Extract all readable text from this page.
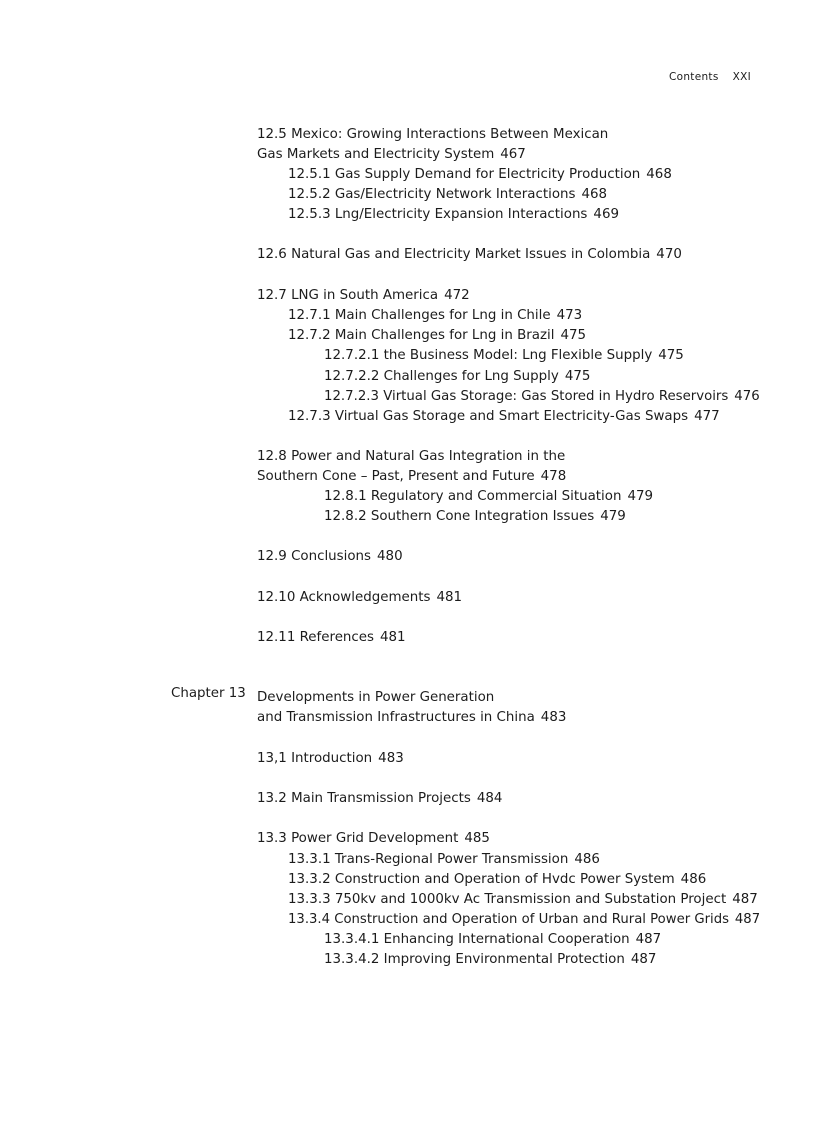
Contents XXI
Chapter 13
12.5 Mexico: Growing Interactions Between Mexican
Gas Markets and Electricity System 467
12.5.1 Gas Supply Demand for Electricity Production 468
12.5.2 Gas/Electricity Network Interactions 468
12.5.3 Lng/Electricity Expansion Interactions 469
12.6 Natural Gas and Electricity Market Issues in Colombia 470
12.7 LNG in South America 472
12.7.1 Main Challenges for Lng in Chile 473
12.7.2 Main Challenges for Lng in Brazil 475
12.7.2.1 the Business Model: Lng Flexible Supply 475
12.7.2.2 Challenges for Lng Supply 475
12.7.2.3 Virtual Gas Storage: Gas Stored in Hydro Reservoirs 476
12.7.3 Virtual Gas Storage and Smart Electricity-Gas Swaps 477
12.8 Power and Natural Gas Integration in the
Southern Cone – Past, Present and Future 478
12.8.1 Regulatory and Commercial Situation 479
12.8.2 Southern Cone Integration Issues 479
12.9 Conclusions 480
12.10 Acknowledgements 481
12.11 References 481
Developments in Power Generation
and Transmission Infrastructures in China 483
13,1 Introduction 483
13.2 Main Transmission Projects 484
13.3 Power Grid Development 485
13.3.1 Trans-Regional Power Transmission 486
13.3.2 Construction and Operation of Hvdc Power System 486
13.3.3 750kv and 1000kv Ac Transmission and Substation Project 487
13.3.4 Construction and Operation of Urban and Rural Power Grids 487
13.3.4.1 Enhancing International Cooperation 487
13.3.4.2 Improving Environmental Protection 487
